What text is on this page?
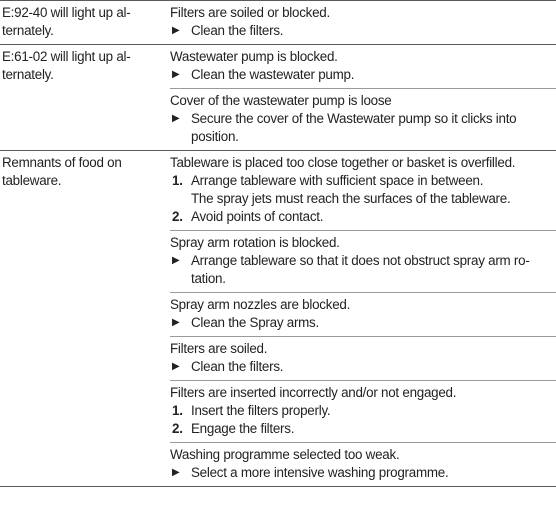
E:92-40 will light up al-
ternately.
Filters are soiled or blocked.
▶ Clean the filters.
E:61-02 will light up al-
ternately.
Wastewater pump is blocked.
▶ Clean the wastewater pump.
Cover of the wastewater pump is loose
▶ Secure the cover of the Wastewater pump so it clicks into
position.
Remnants of food on
tableware.
Tableware is placed too close together or basket is overfilled.
1. Arrange tableware with sufficient space in between.
The spray jets must reach the surfaces of the tableware.
2. Avoid points of contact.
Spray arm rotation is blocked.
▶ Arrange tableware so that it does not obstruct spray arm ro-
tation.
Spray arm nozzles are blocked.
▶ Clean the Spray arms.
Filters are soiled.
▶ Clean the filters.
Filters are inserted incorrectly and/or not engaged.
1. Insert the filters properly.
2. Engage the filters.
Washing programme selected too weak.
▶ Select a more intensive washing programme.
